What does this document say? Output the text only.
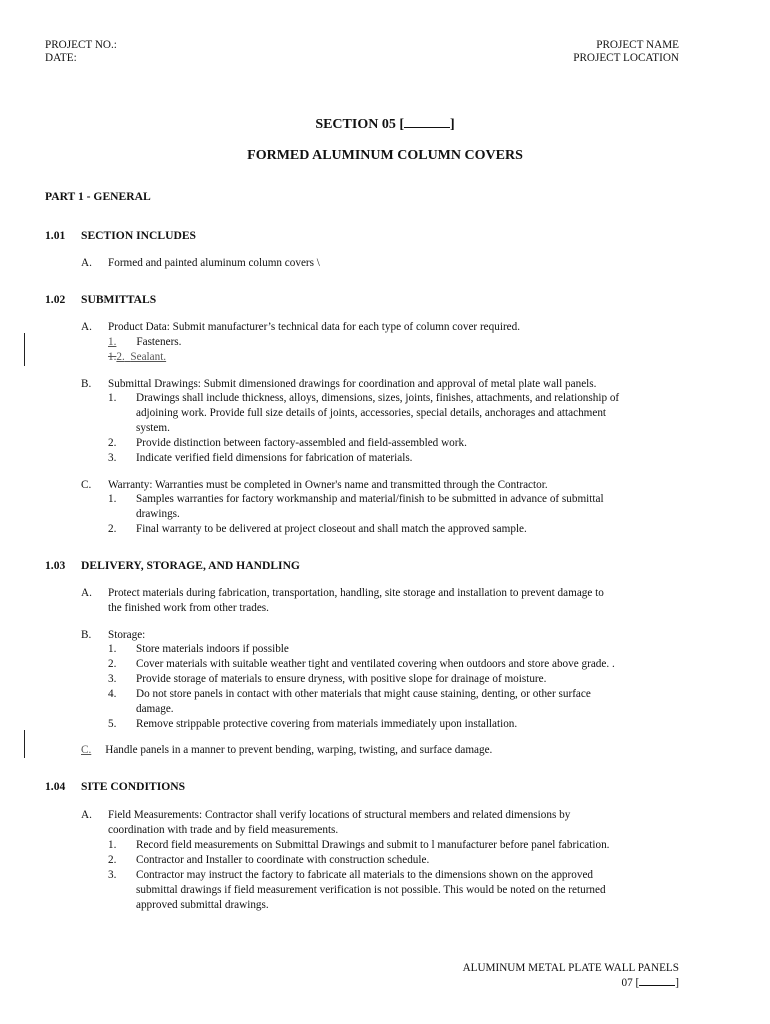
PROJECT NO.:
DATE:
PROJECT NAME
PROJECT LOCATION
SECTION 05 [	]
FORMED ALUMINUM COLUMN COVERS
PART 1 - GENERAL
1.01 SECTION INCLUDES
A. Formed and painted aluminum column covers \
1.02 SUBMITTALS
A. Product Data: Submit manufacturer’s technical data for each type of column cover required.
1. Fasteners.
1.2. Sealant.
B. Submittal Drawings: Submit dimensioned drawings for coordination and approval of metal plate wall panels.
1. Drawings shall include thickness, alloys, dimensions, sizes, joints, finishes, attachments, and relationship of
adjoining work. Provide full size details of joints, accessories, special details, anchorages and attachment
system.
2. Provide distinction between factory-assembled and field-assembled work.
3. Indicate verified field dimensions for fabrication of materials.
C. Warranty: Warranties must be completed in Owner's name and transmitted through the Contractor.
1. Samples warranties for factory workmanship and material/finish to be submitted in advance of submittal
drawings.
2. Final warranty to be delivered at project closeout and shall match the approved sample.
1.03 DELIVERY, STORAGE, AND HANDLING
A. Protect materials during fabrication, transportation, handling, site storage and installation to prevent damage to
the finished work from other trades.
B. Storage:
1. Store materials indoors if possible
2. Cover materials with suitable weather tight and ventilated covering when outdoors and store above grade. .
3. Provide storage of materials to ensure dryness, with positive slope for drainage of moisture.
4. Do not store panels in contact with other materials that might cause staining, denting, or other surface
damage.
5. Remove strippable protective covering from materials immediately upon installation.
C. Handle panels in a manner to prevent bending, warping, twisting, and surface damage.
1.04 SITE CONDITIONS
A. Field Measurements: Contractor shall verify locations of structural members and related dimensions by
coordination with trade and by field measurements.
1. Record field measurements on Submittal Drawings and submit to l manufacturer before panel fabrication.
2. Contractor and Installer to coordinate with construction schedule.
3. Contractor may instruct the factory to fabricate all materials to the dimensions shown on the approved
submittal drawings if field measurement verification is not possible. This would be noted on the returned
approved submittal drawings.
ALUMINUM METAL PLATE WALL PANELS
07 [	]
